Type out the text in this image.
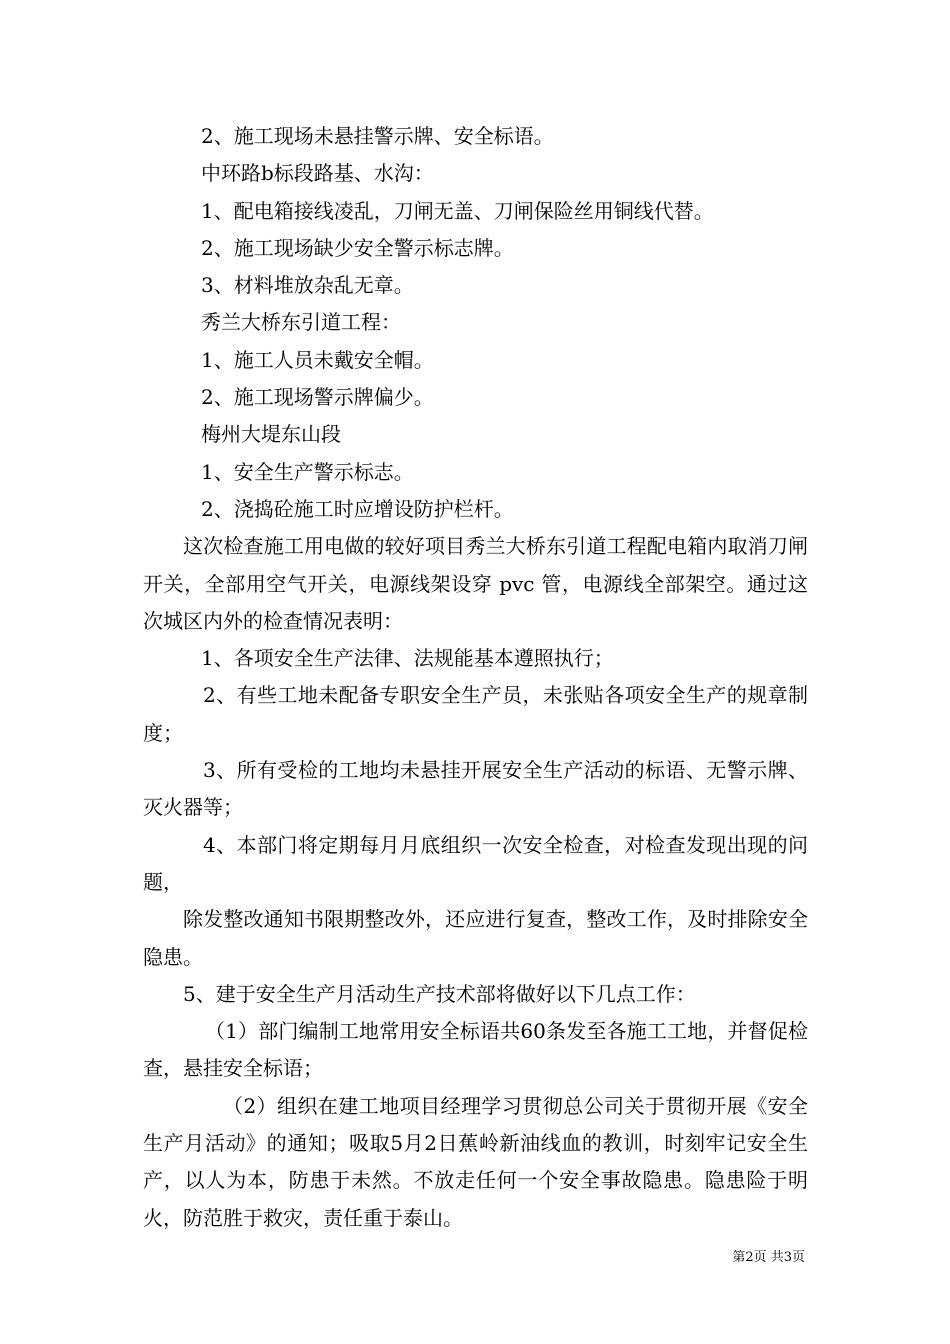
2、施工现场未悬挂警示牌、安全标语。

中环路b标段路基、水沟：

1、配电箱接线凌乱，刀闸无盖、刀闸保险丝用铜线代替。

2、施工现场缺少安全警示标志牌。

3、材料堆放杂乱无章。

秀兰大桥东引道工程：

1、施工人员未戴安全帽。

2、施工现场警示牌偏少。

梅州大堤东山段

1、安全生产警示标志。

2、浇捣砼施工时应增设防护栏杆。

这次检查施工用电做的较好项目秀兰大桥东引道工程配电箱内取消刀闸开关，全部用空气开关，电源线架设穿 pvc 管，电源线全部架空。通过这次城区内外的检查情况表明：

1、各项安全生产法律、法规能基本遵照执行；

2、有些工地未配备专职安全生产员，未张贴各项安全生产的规章制度；

3、所有受检的工地均未悬挂开展安全生产活动的标语、无警示牌、灭火器等；

4、本部门将定期每月月底组织一次安全检查，对检查发现出现的问题，

除发整改通知书限期整改外，还应进行复查，整改工作，及时排除安全隐患。

5、建于安全生产月活动生产技术部将做好以下几点工作：

（1）部门编制工地常用安全标语共60条发至各施工工地，并督促检查，悬挂安全标语；

（2）组织在建工地项目经理学习贯彻总公司关于贯彻开展《安全生产月活动》的通知；吸取5月2日蕉岭新油线血的教训，时刻牢记安全生产，以人为本，防患于未然。不放走任何一个安全事故隐患。隐患险于明火，防范胜于救灾，责任重于泰山。

第2页 共3页
